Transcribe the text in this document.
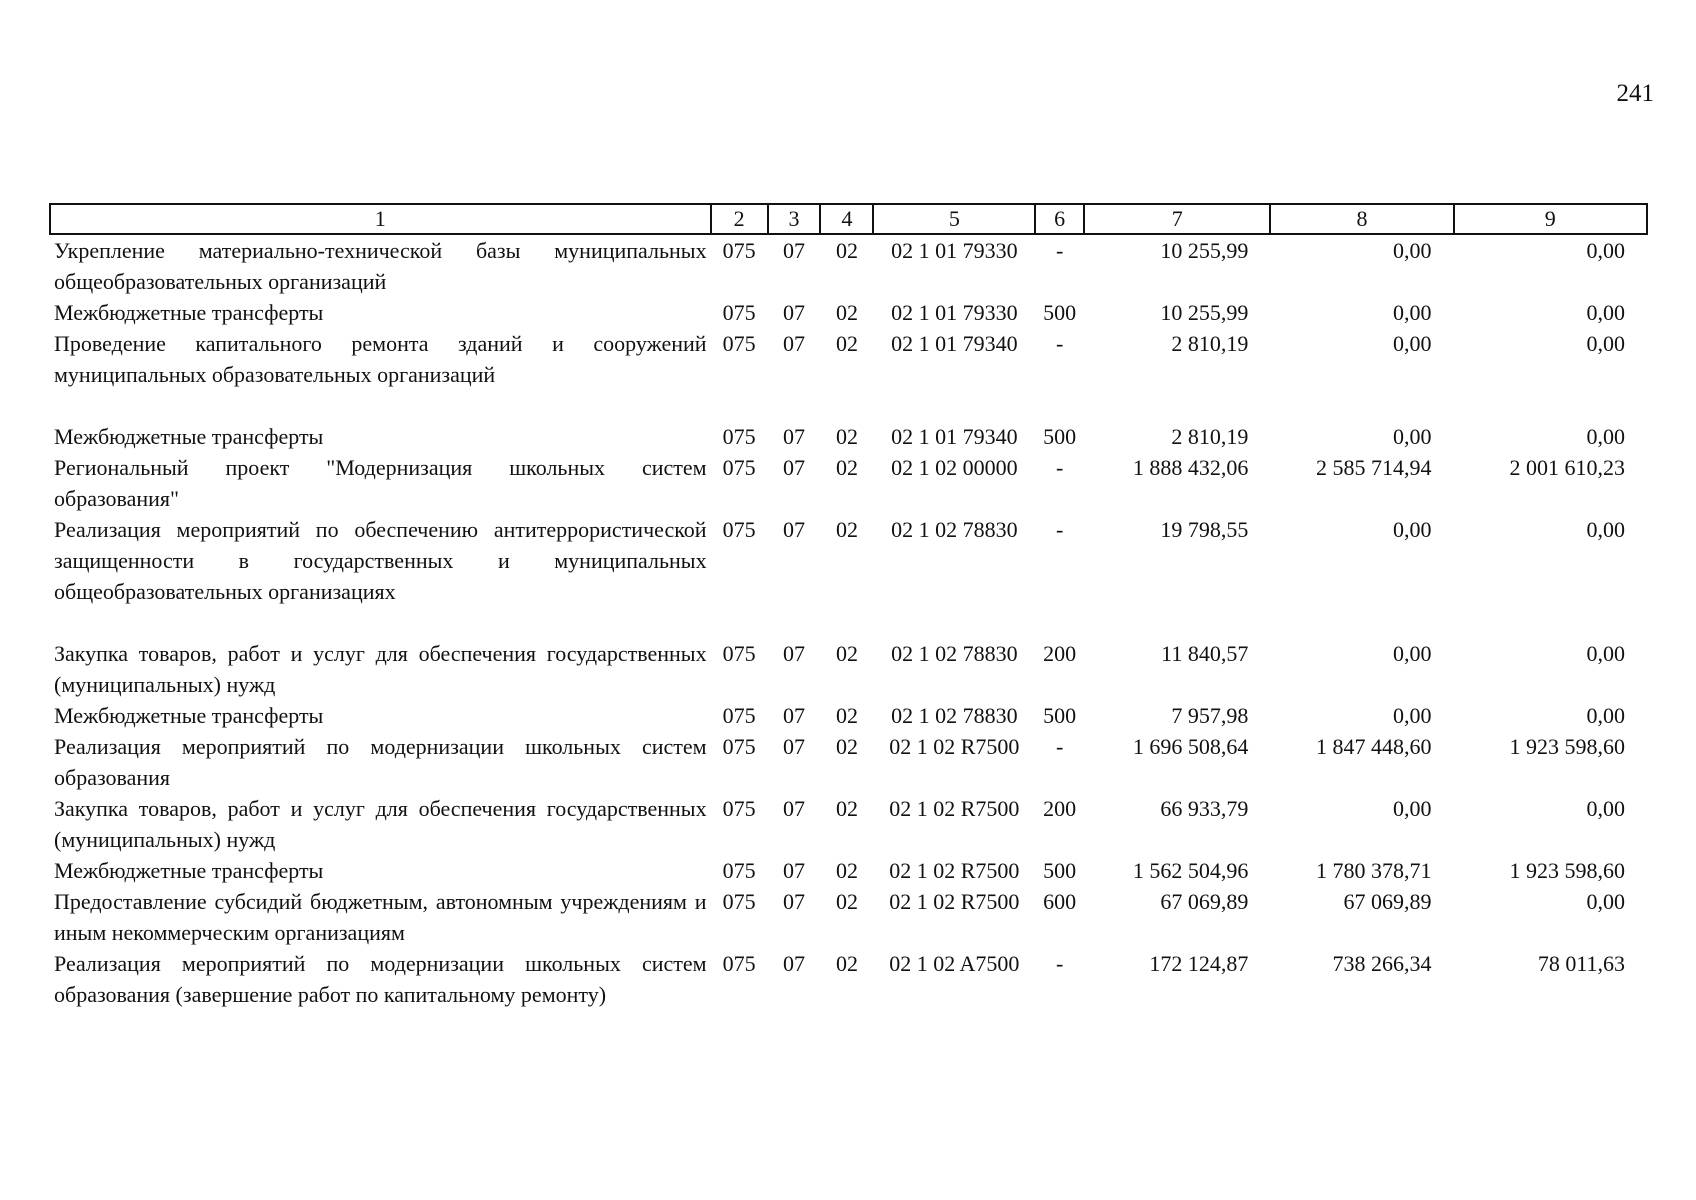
241
1	2	3	4	5	6	7	8	9
Укрепление материально-технической базы муниципальных общеобразовательных организаций	075	07	02	02 1 01 79330	-	10 255,99	0,00	0,00
Межбюджетные трансферты	075	07	02	02 1 01 79330	500	10 255,99	0,00	0,00
Проведение капитального ремонта зданий и сооружений муниципальных образовательных организаций	075	07	02	02 1 01 79340	-	2 810,19	0,00	0,00
Межбюджетные трансферты	075	07	02	02 1 01 79340	500	2 810,19	0,00	0,00
Региональный проект "Модернизация школьных систем образования"	075	07	02	02 1 02 00000	-	1 888 432,06	2 585 714,94	2 001 610,23
Реализация мероприятий по обеспечению антитеррористической защищенности в государственных и муниципальных общеобразовательных организациях	075	07	02	02 1 02 78830	-	19 798,55	0,00	0,00
Закупка товаров, работ и услуг для обеспечения государственных (муниципальных) нужд	075	07	02	02 1 02 78830	200	11 840,57	0,00	0,00
Межбюджетные трансферты	075	07	02	02 1 02 78830	500	7 957,98	0,00	0,00
Реализация мероприятий по модернизации школьных систем образования	075	07	02	02 1 02 R7500	-	1 696 508,64	1 847 448,60	1 923 598,60
Закупка товаров, работ и услуг для обеспечения государственных (муниципальных) нужд	075	07	02	02 1 02 R7500	200	66 933,79	0,00	0,00
Межбюджетные трансферты	075	07	02	02 1 02 R7500	500	1 562 504,96	1 780 378,71	1 923 598,60
Предоставление субсидий бюджетным, автономным учреждениям и иным некоммерческим организациям	075	07	02	02 1 02 R7500	600	67 069,89	67 069,89	0,00
Реализация мероприятий по модернизации школьных систем образования (завершение работ по капитальному ремонту)	075	07	02	02 1 02 A7500	-	172 124,87	738 266,34	78 011,63
